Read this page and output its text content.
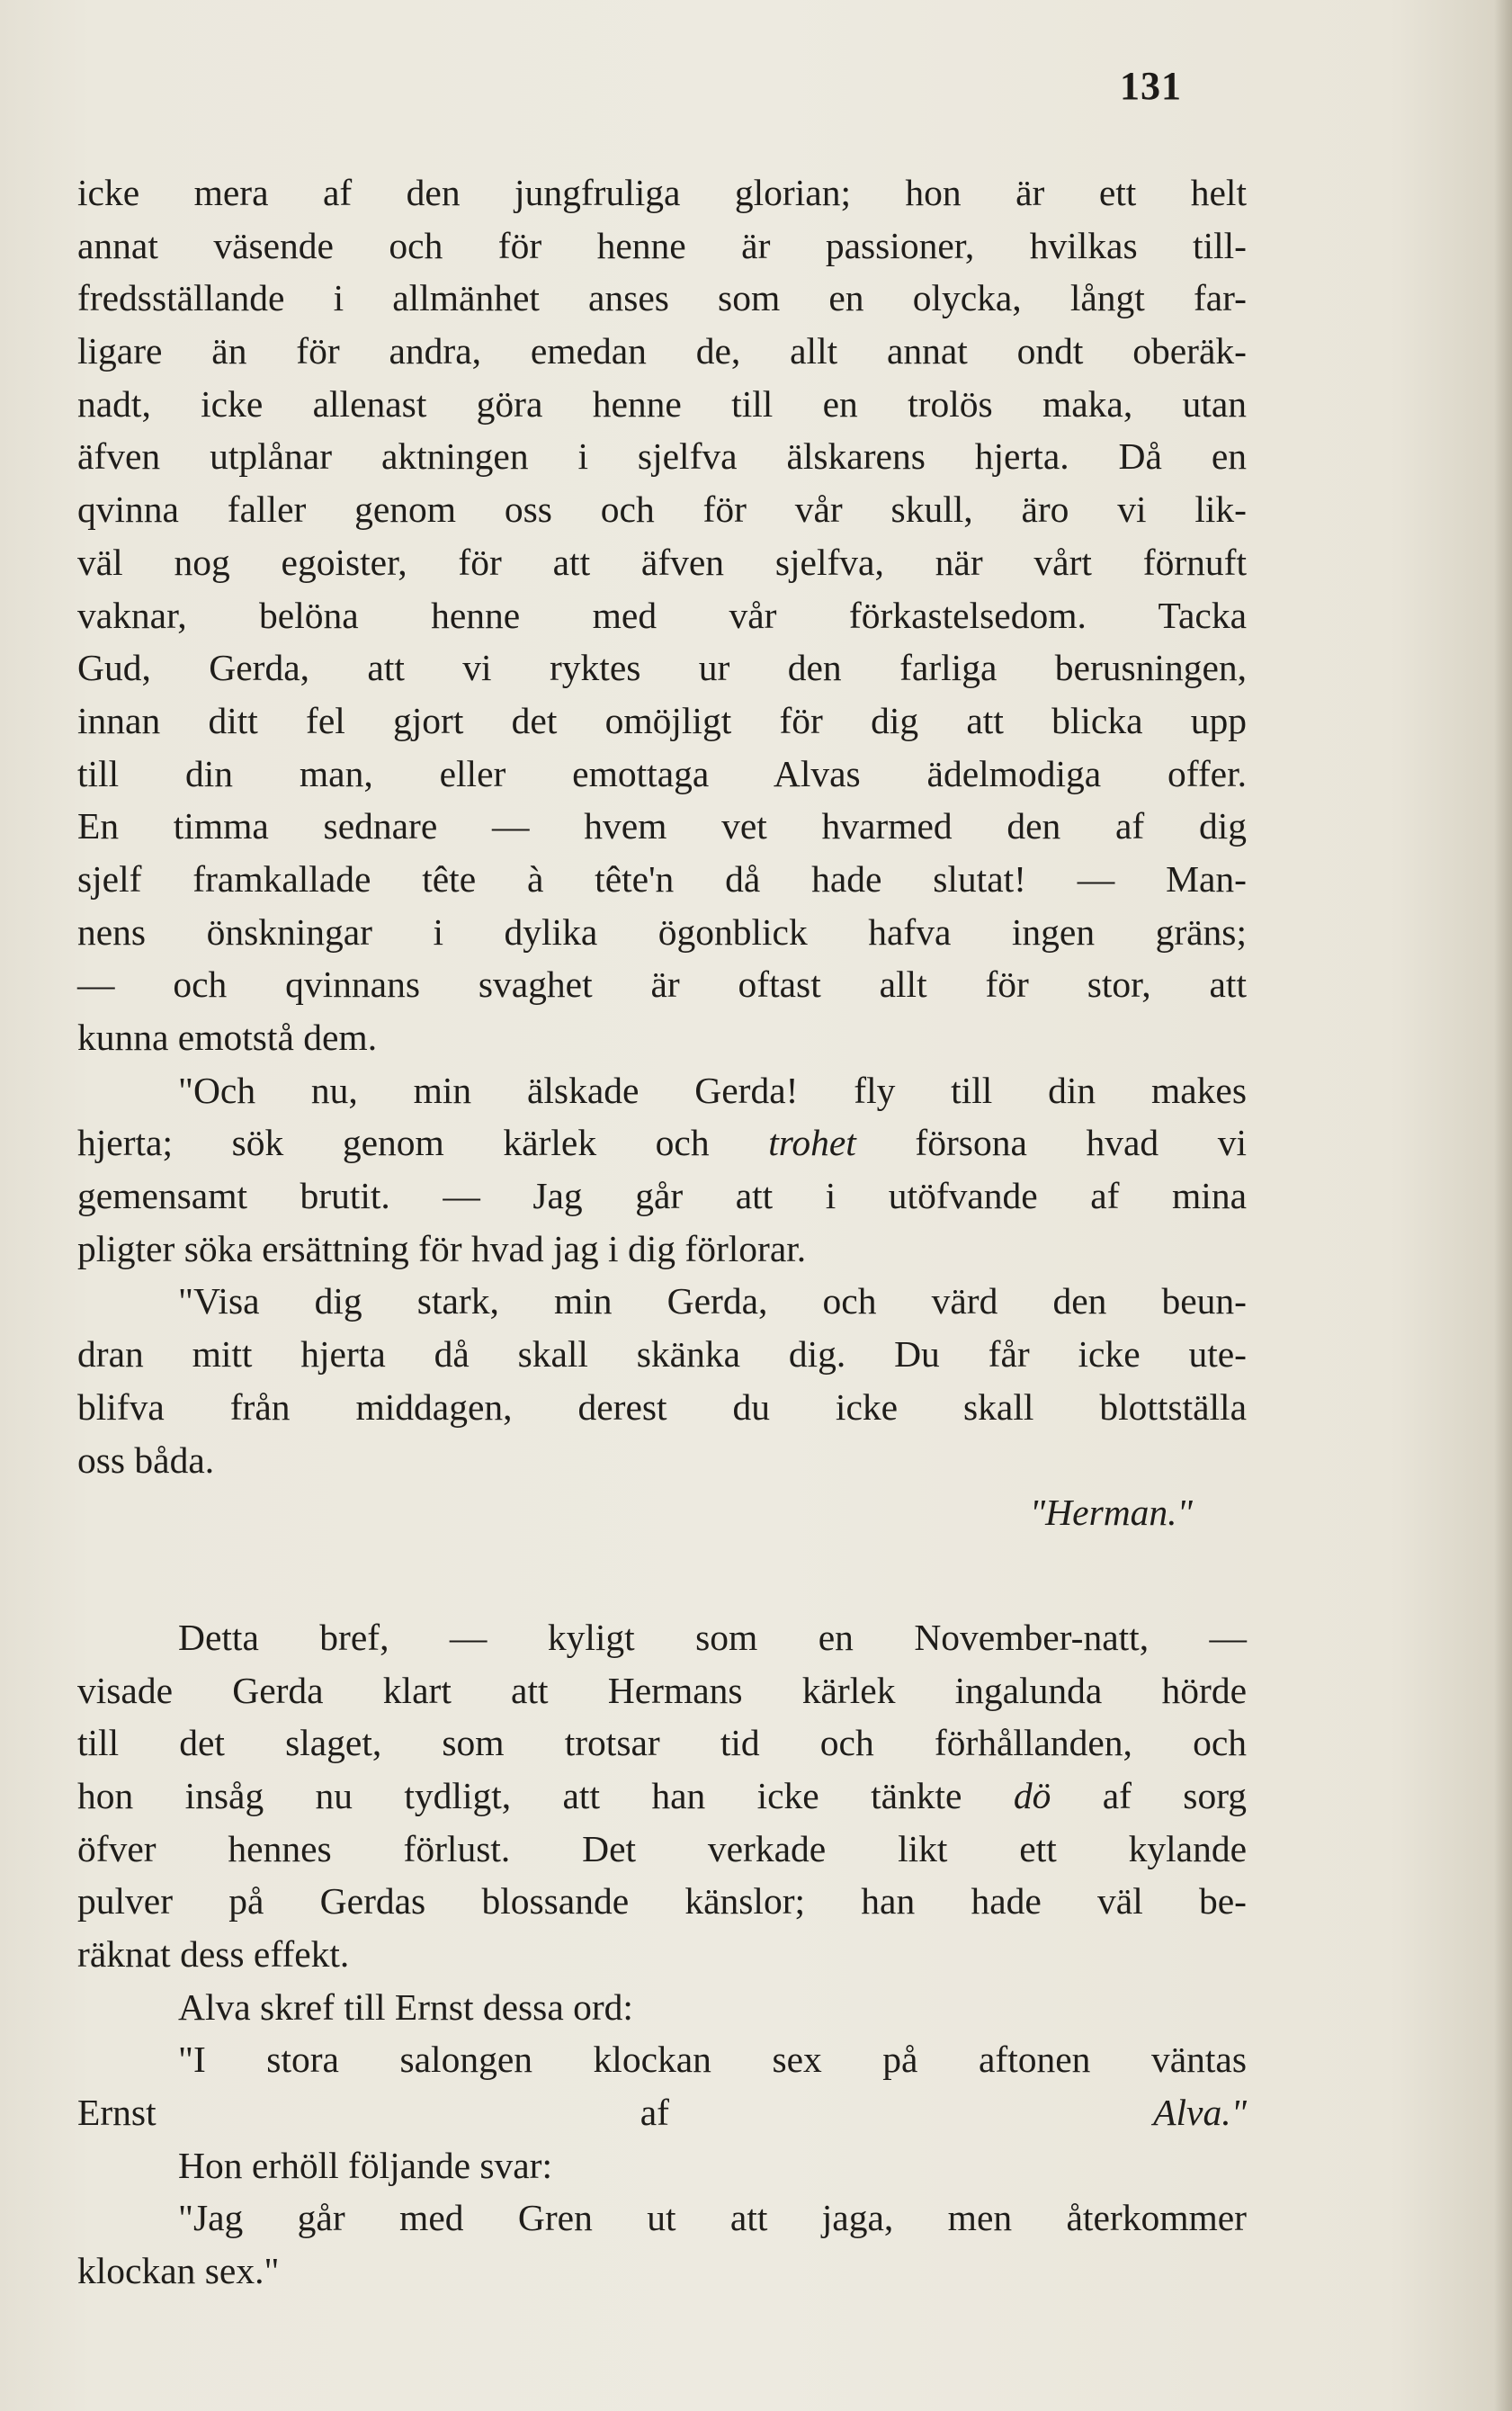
131
icke mera af den jungfruliga glorian; hon är ett helt
annat väsende och för henne är passioner, hvilkas till-
fredsställande i allmänhet anses som en olycka, långt far-
ligare än för andra, emedan de, allt annat ondt oberäk-
nadt, icke allenast göra henne till en trolös maka, utan
äfven utplånar aktningen i sjelfva älskarens hjerta. Då en
qvinna faller genom oss och för vår skull, äro vi lik-
väl nog egoister, för att äfven sjelfva, när vårt förnuft
vaknar, belöna henne med vår förkastelsedom. Tacka
Gud, Gerda, att vi ryktes ur den farliga berusningen,
innan ditt fel gjort det omöjligt för dig att blicka upp
till din man, eller emottaga Alvas ädelmodiga offer.
En timma sednare — hvem vet hvarmed den af dig
sjelf framkallade tête à tête'n då hade slutat! — Man-
nens önskningar i dylika ögonblick hafva ingen gräns;
— och qvinnans svaghet är oftast allt för stor, att
kunna emotstå dem.
"Och nu, min älskade Gerda! fly till din makes
hjerta; sök genom kärlek och trohet försona hvad vi
gemensamt brutit. — Jag går att i utöfvande af mina
pligter söka ersättning för hvad jag i dig förlorar.
"Visa dig stark, min Gerda, och värd den beun-
dran mitt hjerta då skall skänka dig. Du får icke ute-
blifva från middagen, derest du icke skall blottställa
oss båda.
"Herman."
Detta bref, — kyligt som en November-natt, —
visade Gerda klart att Hermans kärlek ingalunda hörde
till det slaget, som trotsar tid och förhållanden, och
hon insåg nu tydligt, att han icke tänkte dö af sorg
öfver hennes förlust. Det verkade likt ett kylande
pulver på Gerdas blossande känslor; han hade väl be-
räknat dess effekt.
Alva skref till Ernst dessa ord:
"I stora salongen klockan sex på aftonen väntas
Ernst af	Alva."
Hon erhöll följande svar:
"Jag går med Gren ut att jaga, men återkommer
klockan sex."
